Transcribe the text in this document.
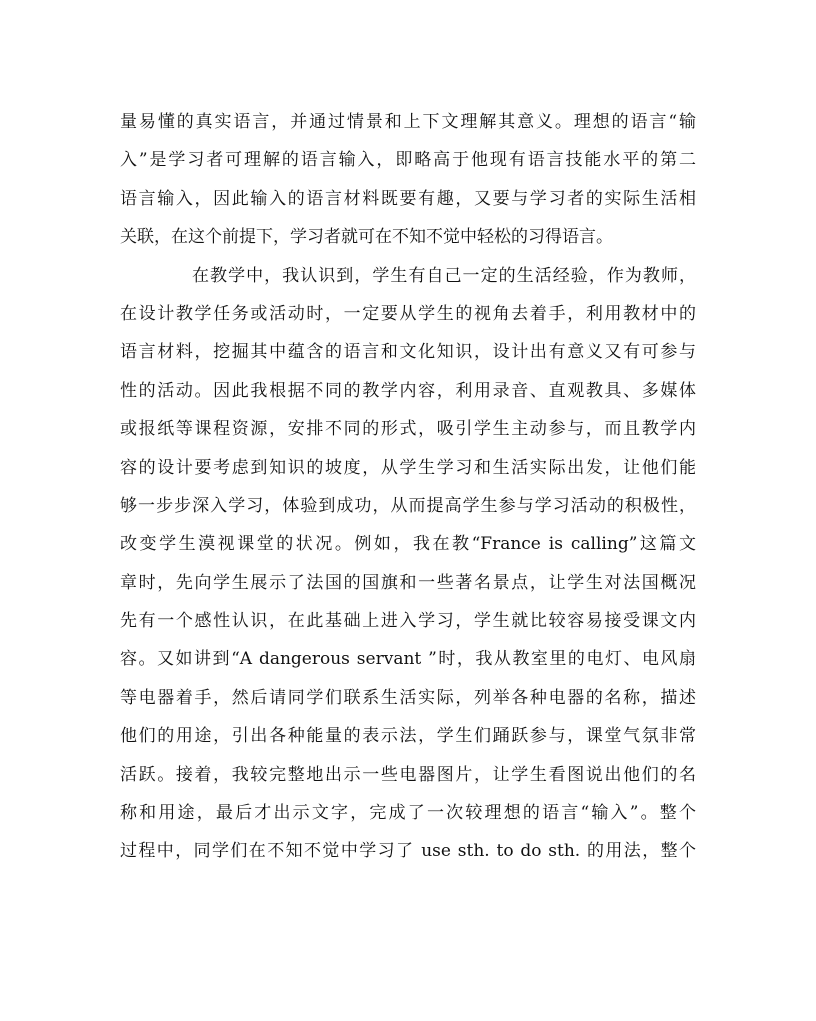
量易懂的真实语言，并通过情景和上下文理解其意义。理想的语言“输
入”是学习者可理解的语言输入，即略高于他现有语言技能水平的第二
语言输入，因此输入的语言材料既要有趣，又要与学习者的实际生活相
关联，在这个前提下，学习者就可在不知不觉中轻松的习得语言。

在教学中，我认识到，学生有自己一定的生活经验，作为教师，
在设计教学任务或活动时，一定要从学生的视角去着手，利用教材中的
语言材料，挖掘其中蕴含的语言和文化知识，设计出有意义又有可参与
性的活动。因此我根据不同的教学内容，利用录音、直观教具、多媒体
或报纸等课程资源，安排不同的形式，吸引学生主动参与，而且教学内
容的设计要考虑到知识的坡度，从学生学习和生活实际出发，让他们能
够一步步深入学习，体验到成功，从而提高学生参与学习活动的积极性，
改变学生漠视课堂的状况。例如，我在教“France is calling”这篇文
章时，先向学生展示了法国的国旗和一些著名景点，让学生对法国概况
先有一个感性认识，在此基础上进入学习，学生就比较容易接受课文内
容。又如讲到“A dangerous servant ”时，我从教室里的电灯、电风扇
等电器着手，然后请同学们联系生活实际，列举各种电器的名称，描述
他们的用途，引出各种能量的表示法，学生们踊跃参与，课堂气氛非常
活跃。接着，我较完整地出示一些电器图片，让学生看图说出他们的名
称和用途，最后才出示文字，完成了一次较理想的语言“输入”。整个
过程中，同学们在不知不觉中学习了 use sth. to do sth. 的用法，整个
